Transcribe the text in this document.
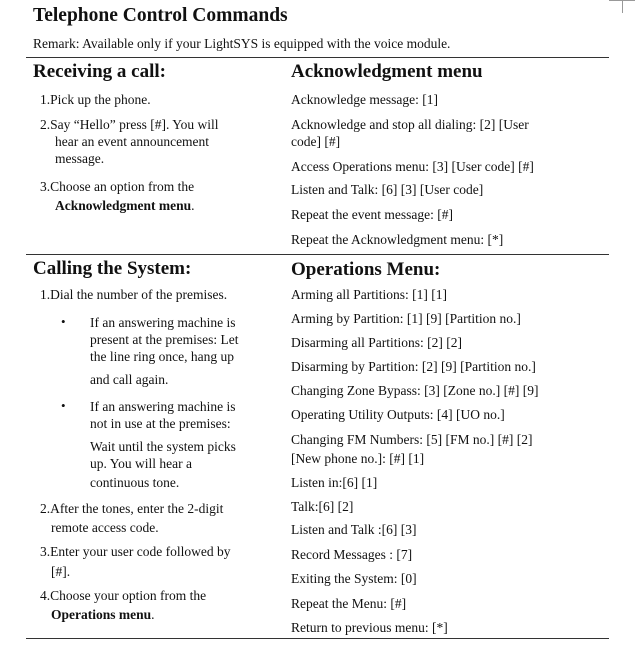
Telephone Control Commands
Remark: Available only if your LightSYS is equipped with the voice module.
Receiving a call:
1.Pick up the phone.
2.Say “Hello” press [#]. You will
hear an event announcement
message.
3.Choose an option from the
Acknowledgment menu.
Acknowledgment menu
Acknowledge message: [1]
Acknowledge and stop all dialing: [2] [User
code] [#]
Access Operations menu: [3] [User code] [#]
Listen and Talk: [6] [3] [User code]
Repeat the event message: [#]
Repeat the Acknowledgment menu: [*]
Calling the System:
1.Dial the number of the premises.
• If an answering machine is
present at the premises: Let
the line ring once, hang up
and call again.
• If an answering machine is
not in use at the premises:
Wait until the system picks
up. You will hear a
continuous tone.
2.After the tones, enter the 2-digit
remote access code.
3.Enter your user code followed by
[#].
4.Choose your option from the
Operations menu.
Operations Menu:
Arming all Partitions: [1] [1]
Arming by Partition: [1] [9] [Partition no.]
Disarming all Partitions: [2] [2]
Disarming by Partition: [2] [9] [Partition no.]
Changing Zone Bypass: [3] [Zone no.] [#] [9]
Operating Utility Outputs: [4] [UO no.]
Changing FM Numbers: [5] [FM no.] [#] [2]
[New phone no.]: [#] [1]
Listen in:[6] [1]
Talk:[6] [2]
Listen and Talk :[6] [3]
Record Messages : [7]
Exiting the System: [0]
Repeat the Menu: [#]
Return to previous menu: [*]
